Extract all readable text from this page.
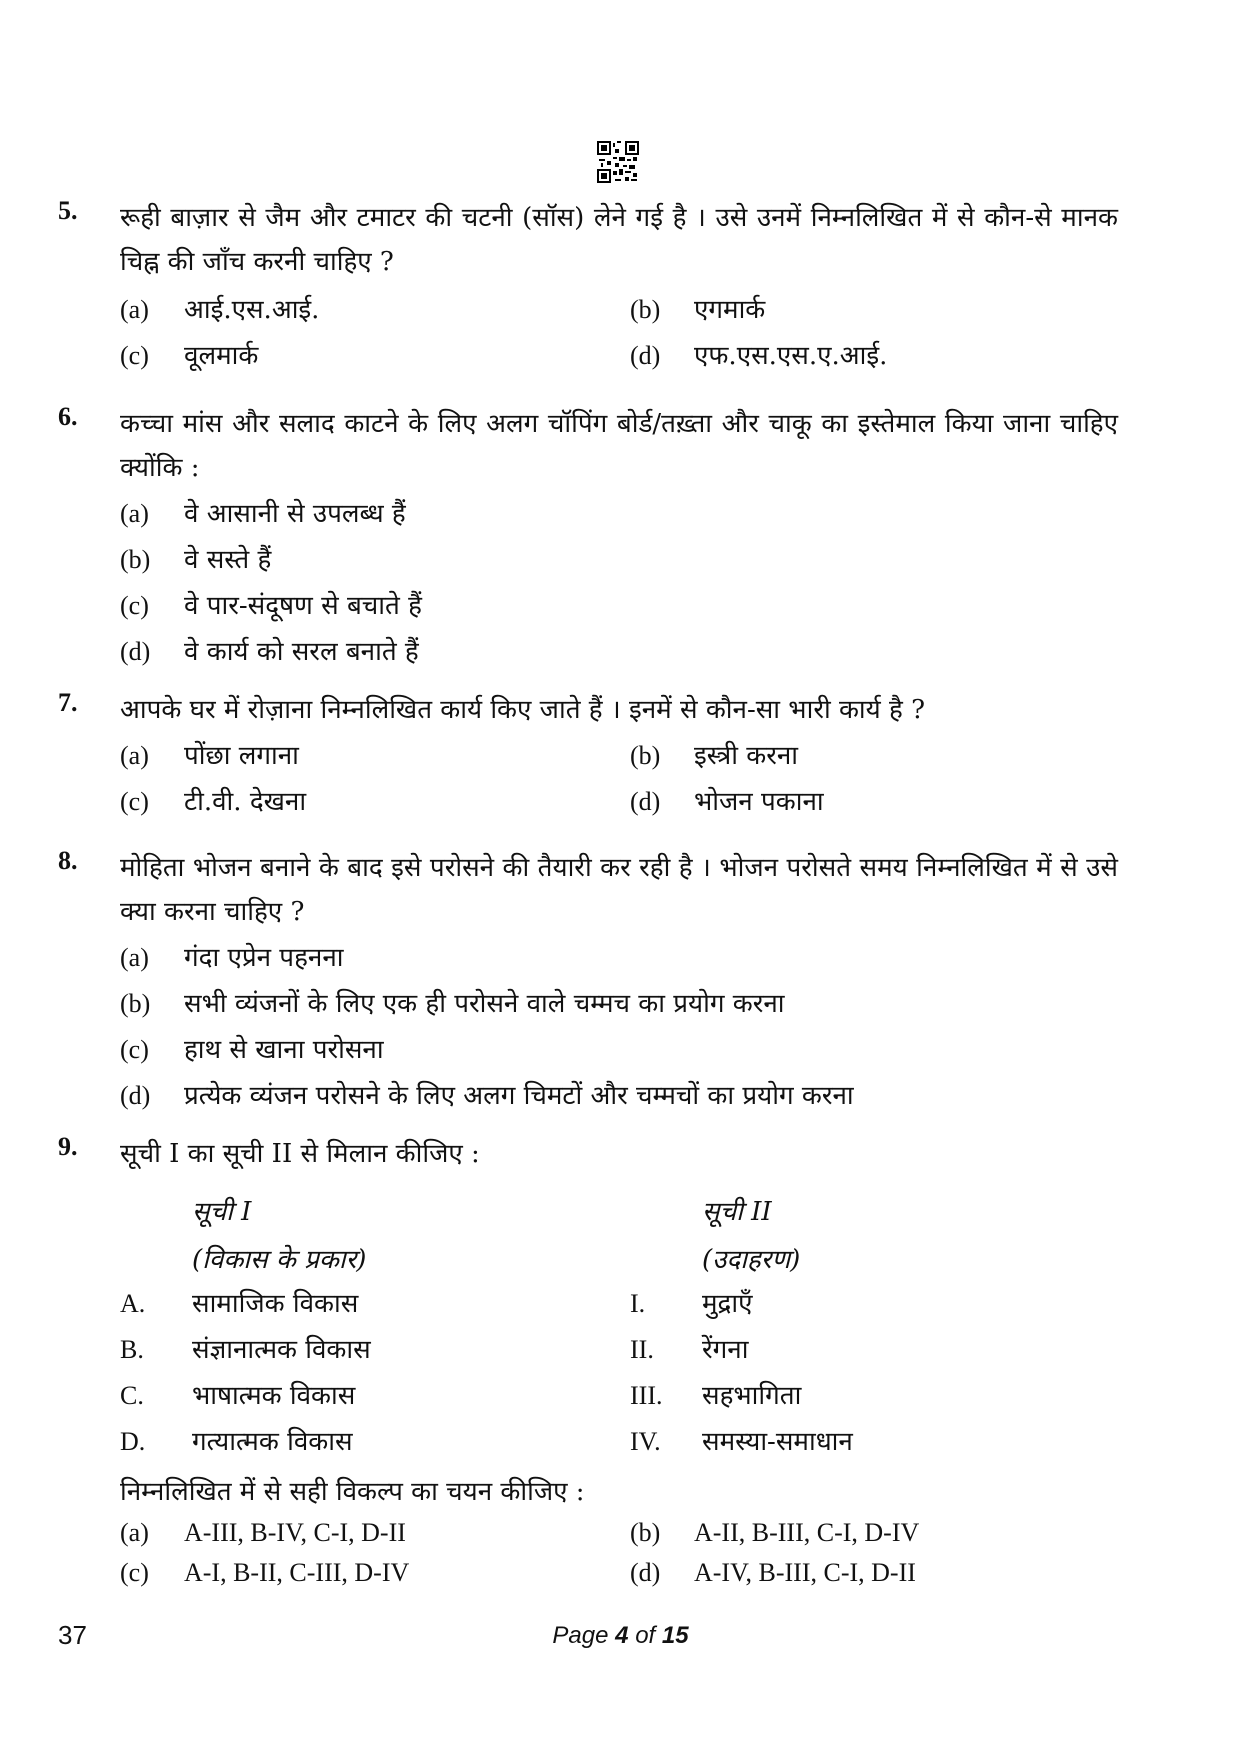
5. रूही बाज़ार से जैम और टमाटर की चटनी (सॉस) लेने गई है । उसे उनमें निम्नलिखित में से कौन-से मानक चिह्न की जाँच करनी चाहिए ?
(a)	आई.एस.आई.	(b)	एगमार्क
(c)	वूलमार्क	(d)	एफ.एस.एस.ए.आई.
6. कच्चा मांस और सलाद काटने के लिए अलग चॉपिंग बोर्ड/तख़्ता और चाकू का इस्तेमाल किया जाना चाहिए क्योंकि :
(a)	वे आसानी से उपलब्ध हैं
(b)	वे सस्ते हैं
(c)	वे पार-संदूषण से बचाते हैं
(d)	वे कार्य को सरल बनाते हैं
7. आपके घर में रोज़ाना निम्नलिखित कार्य किए जाते हैं । इनमें से कौन-सा भारी कार्य है ?
(a)	पोंछा लगाना	(b)	इस्त्री करना
(c)	टी.वी. देखना	(d)	भोजन पकाना
8. मोहिता भोजन बनाने के बाद इसे परोसने की तैयारी कर रही है । भोजन परोसते समय निम्नलिखित में से उसे क्या करना चाहिए ?
(a)	गंदा एप्रेन पहनना
(b)	सभी व्यंजनों के लिए एक ही परोसने वाले चम्मच का प्रयोग करना
(c)	हाथ से खाना परोसना
(d)	प्रत्येक व्यंजन परोसने के लिए अलग चिमटों और चम्मचों का प्रयोग करना
9. सूची I का सूची II से मिलान कीजिए :
सूची I	सूची II
(विकास के प्रकार)	(उदाहरण)
A.	सामाजिक विकास	I.	मुद्राएँ
B.	संज्ञानात्मक विकास	II.	रेंगना
C.	भाषात्मक विकास	III.	सहभागिता
D.	गत्यात्मक विकास	IV.	समस्या-समाधान
निम्नलिखित में से सही विकल्प का चयन कीजिए :
(a)	A-III, B-IV, C-I, D-II	(b)	A-II, B-III, C-I, D-IV
(c)	A-I, B-II, C-III, D-IV	(d)	A-IV, B-III, C-I, D-II
37	Page 4 of 15
